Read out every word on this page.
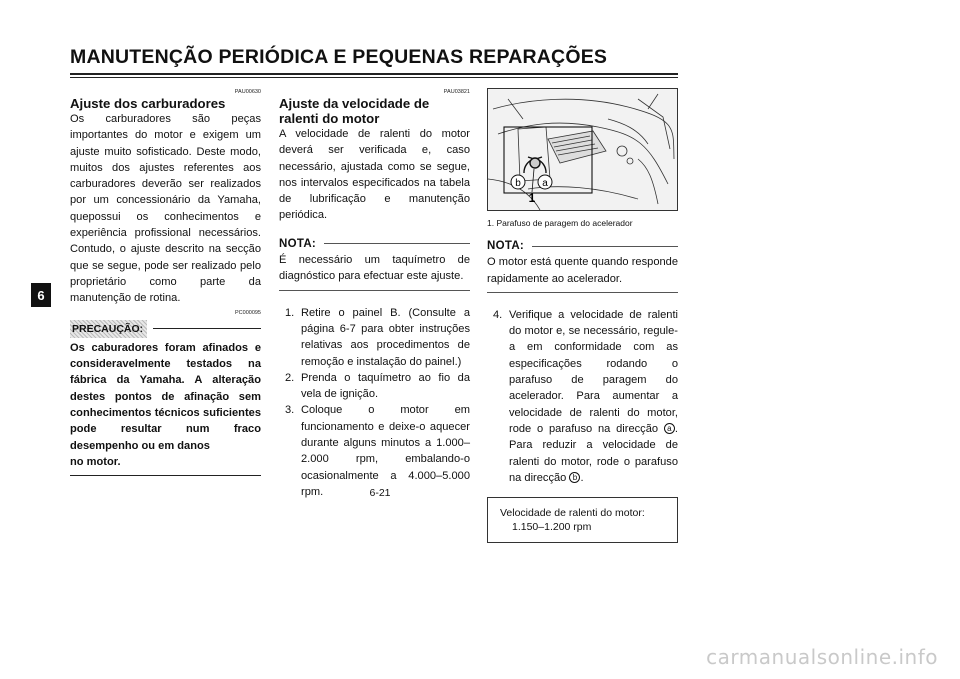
MANUTENÇÃO PERIÓDICA E PEQUENAS REPARAÇÕES
6
PAU00630
Ajuste dos carburadores

Os carburadores são peças importantes do motor e exigem um ajuste muito sofisticado. Deste modo, muitos dos ajustes referentes aos carburadores deverão ser realizados por um concessionário da Yamaha, quepossui os conhecimentos e experiência profissional necessários. Contudo, o ajuste descrito na secção que se segue, pode ser realizado pelo proprietário como parte da manutenção de rotina.

PC000095
PRECAUÇÃO:

Os caburadores foram afinados e consideravelmente testados na fábrica da Yamaha. A alteração destes pontos de afinação sem conhecimentos técnicos suficientes pode resultar num fraco desempenho ou em danos

no motor.
PAU03821
Ajuste da velocidade de ralenti do motor

A velocidade de ralenti do motor deverá ser verificada e, caso necessário, ajustada como se segue, nos intervalos especificados na tabela de lubrificação e manutenção periódica.

NOTA:

É necessário um taquímetro de diagnóstico para efectuar este ajuste.

1. Retire o painel B. (Consulte a página 6-7 para obter instruções relativas aos procedimentos de remoção e instalação do painel.)
2. Prenda o taquímetro ao fio da vela de ignição.
3. Coloque o motor em funcionamento e deixe-o aquecer durante alguns minutos a 1.000–2.000 rpm, embalando-o ocasionalmente a 4.000–5.000 rpm.
b a
1
1. Parafuso de paragem do acelerador
NOTA:

O motor está quente quando responde rapidamente ao acelerador.

4. Verifique a velocidade de ralenti do motor e, se necessário, regule-a em conformidade com as especificações rodando o parafuso de paragem do acelerador. Para aumentar a velocidade de ralenti do motor, rode o parafuso na direcção a . Para reduzir a velocidade de ralenti do motor, rode o parafuso na direcção b .
Velocidade de ralenti do motor:
1.150–1.200 rpm
6-21
carmanualsonline.info
